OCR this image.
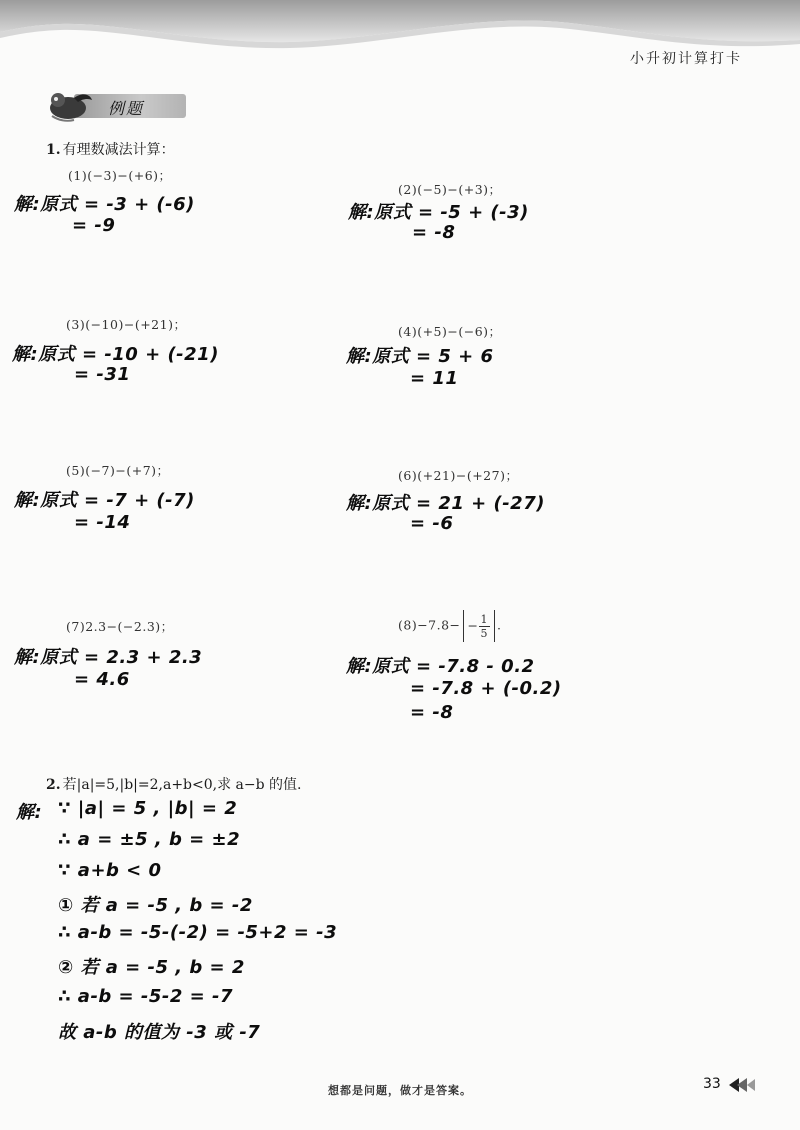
小升初计算打卡
例题
1. 有理数减法计算：
(1)(−3)−(+6)；
解:原式 = -3 + (-6)
= -9
(2)(−5)−(+3)；
解:原式 = -5 + (-3)
= -8
(3)(−10)−(+21)；
解:原式 = -10 + (-21)
= -31
(4)(+5)−(−6)；
解:原式 = 5 + 6
= 11
(5)(−7)−(+7)；
解:原式 = -7 + (-7)
= -14
(6)(+21)−(+27)；
解:原式 = 21 + (-27)
= -6
(7)2.3−(−2.3)；
解:原式 = 2.3 + 2.3
= 4.6
$(8)-7.8- - \frac{1}{5}$ .
解:原式 = -7.8 - 0.2
= -7.8 + (-0.2)
= -8
2. 若|a|=5,|b|=2,a+b<0,求 a−b 的值.
解: ∵ |a| = 5 , |b| = 2
∴ a = ±5 , b = ±2
∵ a+b < 0
① 若 a = -5 , b = -2
∴ a-b = -5-(-2) = -5+2 = -3
② 若 a = -5 , b = 2
∴ a-b = -5-2 = -7
故 a-b 的值为 -3 或 -7
想都是问题，做才是答案。	33
